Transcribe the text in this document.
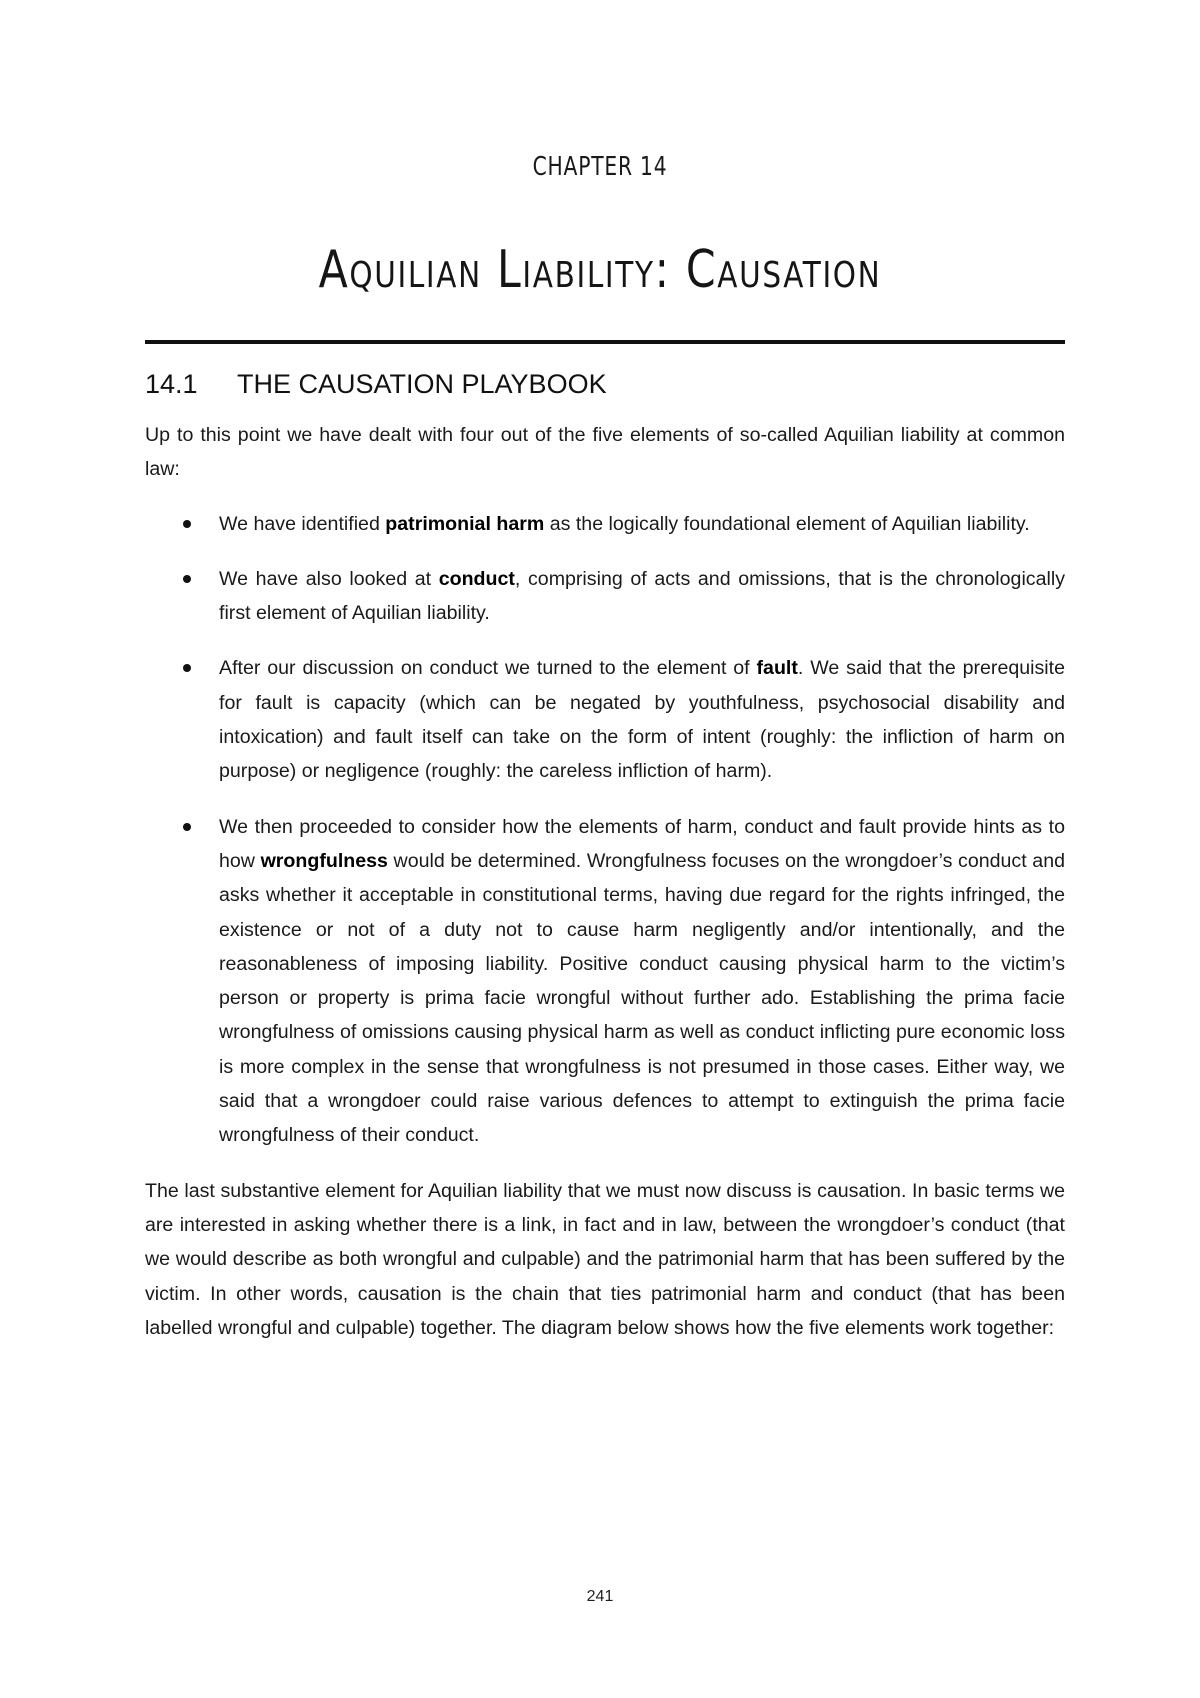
CHAPTER 14
Aquilian Liability: Causation
14.1 THE CAUSATION PLAYBOOK

Up to this point we have dealt with four out of the five elements of so-called Aquilian liability at common law:

We have identified patrimonial harm as the logically foundational element of Aquilian liability.
We have also looked at conduct, comprising of acts and omissions, that is the chronologically first element of Aquilian liability.
After our discussion on conduct we turned to the element of fault. We said that the prerequisite for fault is capacity (which can be negated by youthfulness, psychosocial disability and intoxication) and fault itself can take on the form of intent (roughly: the infliction of harm on purpose) or negligence (roughly: the careless infliction of harm).
We then proceeded to consider how the elements of harm, conduct and fault provide hints as to how wrongfulness would be determined. Wrongfulness focuses on the wrongdoer’s conduct and asks whether it acceptable in constitutional terms, having due regard for the rights infringed, the existence or not of a duty not to cause harm negligently and/or intentionally, and the reasonableness of imposing liability. Positive conduct causing physical harm to the victim’s person or property is prima facie wrongful without further ado. Establishing the prima facie wrongfulness of omissions causing physical harm as well as conduct inflicting pure economic loss is more complex in the sense that wrongfulness is not presumed in those cases. Either way, we said that a wrongdoer could raise various defences to attempt to extinguish the prima facie wrongfulness of their conduct.

The last substantive element for Aquilian liability that we must now discuss is causation. In basic terms we are interested in asking whether there is a link, in fact and in law, between the wrongdoer’s conduct (that we would describe as both wrongful and culpable) and the patrimonial harm that has been suffered by the victim. In other words, causation is the chain that ties patrimonial harm and conduct (that has been labelled wrongful and culpable) together. The diagram below shows how the five elements work together:

241
